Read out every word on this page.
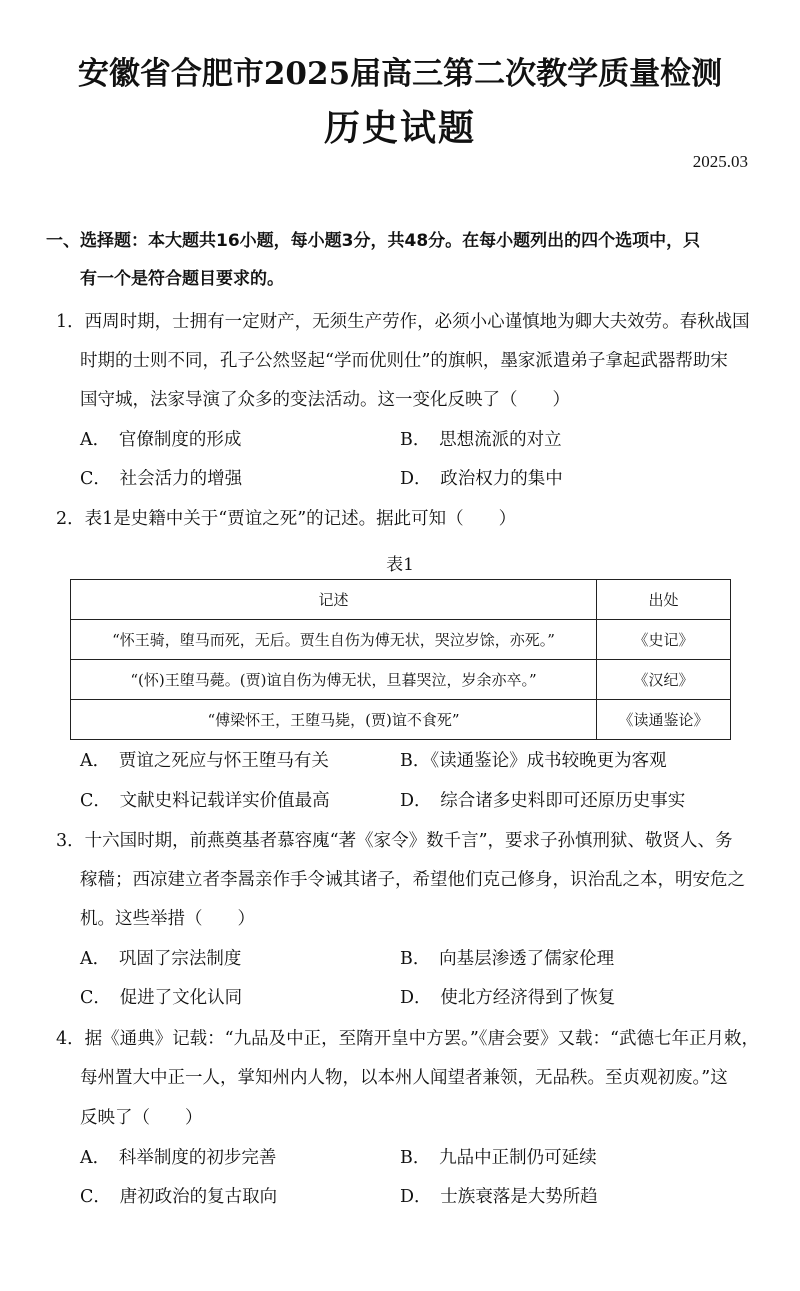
安徽省合肥市2025届高三第二次教学质量检测
历史试题
2025.03
一、选择题：本大题共16小题，每小题3分，共48分。在每小题列出的四个选项中，只
有一个是符合题目要求的。
1．西周时期，士拥有一定财产，无须生产劳作，必须小心谨慎地为卿大夫效劳。春秋战国
时期的士则不同，孔子公然竖起“学而优则仕”的旗帜，墨家派遣弟子拿起武器帮助宋
国守城，法家导演了众多的变法活动。这一变化反映了（　　）
A．　官僚制度的形成	B．　思想流派的对立
C．　社会活力的增强	D．　政治权力的集中
2．表1是史籍中关于“贾谊之死”的记述。据此可知（　　）
表1
记述	出处
“怀王骑，堕马而死，无后。贾生自伤为傅无状，哭泣岁馀，亦死。”	《史记》
“(怀)王堕马薨。(贾)谊自伤为傅无状，旦暮哭泣，岁余亦卒。”	《汉纪》
“傅梁怀王，王堕马毙，(贾)谊不食死”	《读通鉴论》
A．　贾谊之死应与怀王堕马有关	B．《读通鉴论》成书较晚更为客观
C．　文献史料记载详实价值最高	D．　综合诸多史料即可还原历史事实
3．十六国时期，前燕奠基者慕容廆“著《家令》数千言”，要求子孙慎刑狱、敬贤人、务
稼穑；西凉建立者李暠亲作手令诫其诸子，希望他们克己修身，识治乱之本，明安危之
机。这些举措（　　）
A．　巩固了宗法制度	B．　向基层渗透了儒家伦理
C．　促进了文化认同	D．　使北方经济得到了恢复
4．据《通典》记载：“九品及中正，至隋开皇中方罢。”《唐会要》又载：“武德七年正月敕，
每州置大中正一人，掌知州内人物，以本州人闻望者兼领，无品秩。至贞观初废。”这
反映了（　　）
A．　科举制度的初步完善	B．　九品中正制仍可延续
C．　唐初政治的复古取向	D．　士族衰落是大势所趋
